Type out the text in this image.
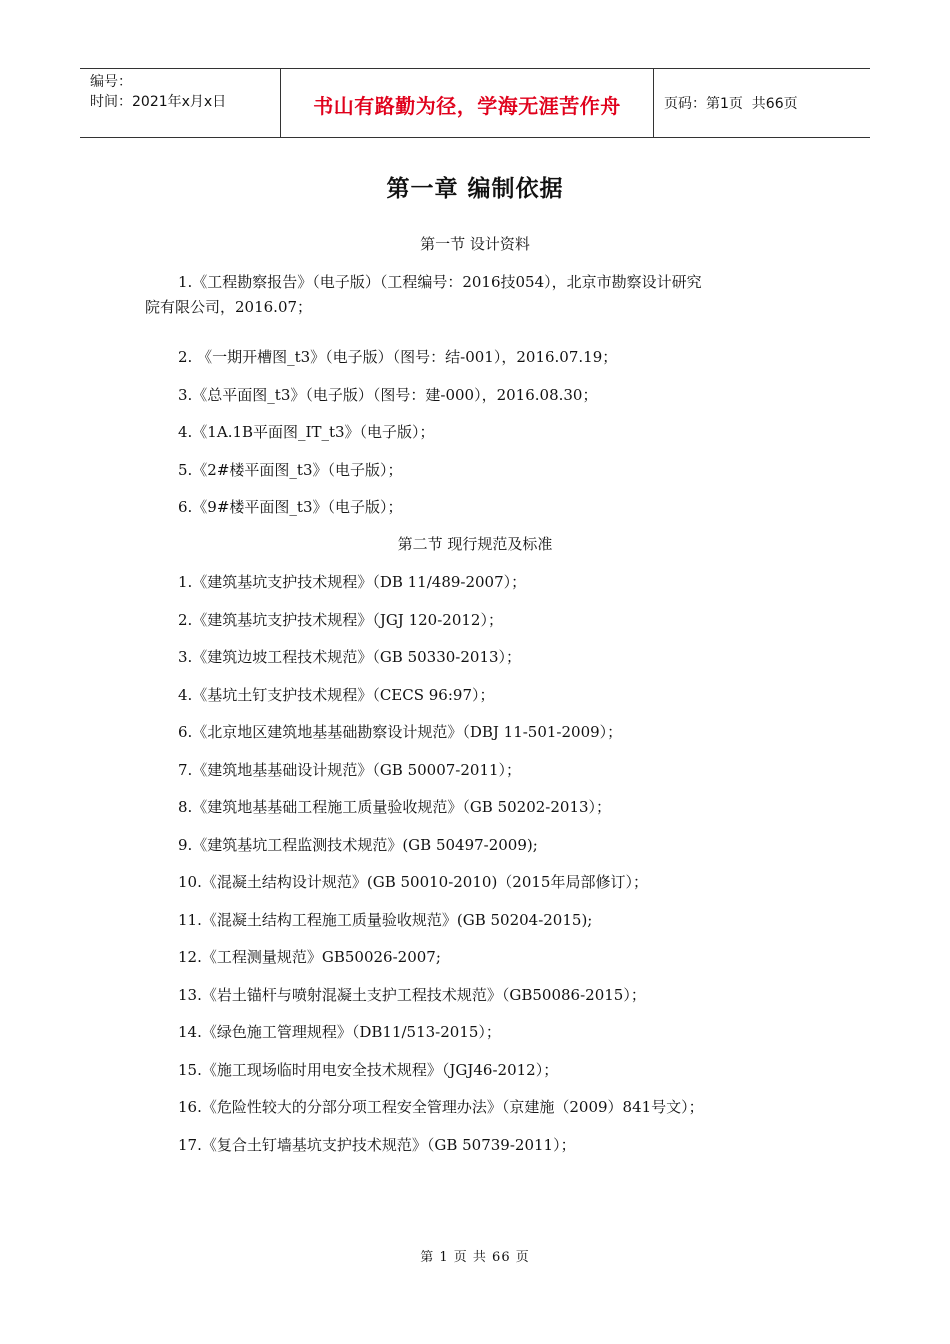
编号：
时间：2021年x月x日	书山有路勤为径，学海无涯苦作舟	页码：第1页  共66页
第一章 编制依据
第一节 设计资料
1.《工程勘察报告》（电子版）（工程编号：2016技054），北京市勘察设计研究
院有限公司，2016.07；
2. 《一期开槽图_t3》（电子版）（图号：结-001），2016.07.19；
3.《总平面图_t3》（电子版）（图号：建-000），2016.08.30；
4.《1A.1B平面图_IT_t3》（电子版）；
5.《2#楼平面图_t3》（电子版）；
6.《9#楼平面图_t3》（电子版）；
第二节 现行规范及标准
1.《建筑基坑支护技术规程》（DB 11/489-2007）；
2.《建筑基坑支护技术规程》（JGJ 120-2012）；
3.《建筑边坡工程技术规范》（GB 50330-2013）；
4.《基坑土钉支护技术规程》（CECS 96:97）；
6.《北京地区建筑地基基础勘察设计规范》（DBJ 11-501-2009）；
7.《建筑地基基础设计规范》（GB 50007-2011）；
8.《建筑地基基础工程施工质量验收规范》（GB 50202-2013）；
9.《建筑基坑工程监测技术规范》(GB 50497-2009);
10.《混凝土结构设计规范》(GB 50010-2010)（2015年局部修订）；
11.《混凝土结构工程施工质量验收规范》(GB 50204-2015);
12.《工程测量规范》GB50026-2007;
13.《岩土锚杆与喷射混凝土支护工程技术规范》（GB50086-2015）；
14.《绿色施工管理规程》（DB11/513-2015）；
15.《施工现场临时用电安全技术规程》（JGJ46-2012）；
16.《危险性较大的分部分项工程安全管理办法》（京建施（2009）841号文）；
17.《复合土钉墙基坑支护技术规范》（GB 50739-2011）；
第 1 页 共 66 页
